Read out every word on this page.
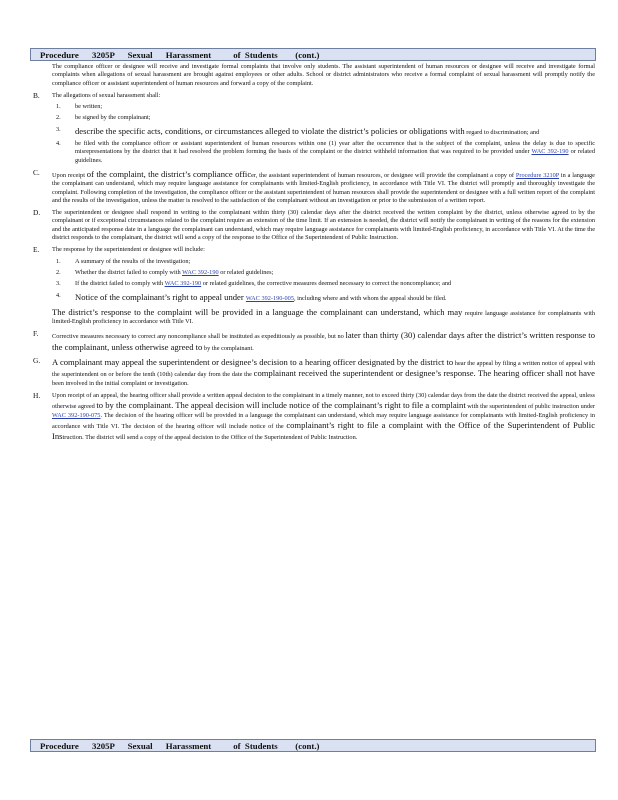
Procedure      3205P      Sexual      Harassment          of  Students        (cont.)
The compliance officer or designee will receive and investigate formal complaints that involve only students. The assistant superintendent of human resources or designee will receive and investigate formal complaints when allegations of sexual harassment are brought against employees or other adults. School or district administrators who receive a formal complaint of sexual harassment will promptly notify the compliance officer or assistant superintendent of human resources and forward a copy of the complaint.
B. The allegations of sexual harassment shall:
1. be written;
2. be signed by the complainant;
3. describe the specific acts, conditions, or circumstances alleged to violate the district’s policies or obligations with regard to discrimination; and
4. be filed with the compliance officer or assistant superintendent of human resources within one (1) year after the occurrence that is the subject of the complaint, unless the delay is due to specific misrepresentations by the district that it had resolved the problem forming the basis of the complaint or the district withheld information that was required to be provided under WAC 392-190 or related guidelines.
C. Upon receipt of the complaint, the district’s compliance officer, the assistant superintendent of human resources, or designee will provide the complainant a copy of Procedure 3210P in a language the complainant can understand, which may require language assistance for complainants with limited-English proficiency, in accordance with Title VI. The district will promptly and thoroughly investigate the complaint. Following completion of the investigation, the compliance officer or the assistant superintendent of human resources shall provide the superintendent or designee with a full written report of the complaint and the results of the investigation, unless the matter is resolved to the satisfaction of the complainant without an investigation or prior to the submission of a written report.
D. The superintendent or designee shall respond in writing to the complainant within thirty (30) calendar days after the district received the written complaint by the district, unless otherwise agreed to by the complainant or if exceptional circumstances related to the complaint require an extension of the time limit. If an extension is needed, the district will notify the complainant in writing of the reasons for the extension and the anticipated response date in a language the complainant can understand, which may require language assistance for complainants with limited-English proficiency, in accordance with Title VI. At the time the district responds to the complainant, the district will send a copy of the response to the Office of the Superintendent of Public Instruction.
E. The response by the superintendent or designee will include:
1. A summary of the results of the investigation;
2. Whether the district failed to comply with WAC 392-190 or related guidelines;
3. If the district failed to comply with WAC 392-190 or related guidelines, the corrective measures deemed necessary to correct the noncompliance; and
4. Notice of the complainant’s right to appeal under WAC 392-190-005, including where and with whom the appeal should be filed.
The district’s response to the complaint will be provided in a language the complainant can understand, which may require language assistance for complainants with limited-English proficiency in accordance with Title VI.
F. Corrective measures necessary to correct any noncompliance shall be instituted as expeditiously as possible, but no later than thirty (30) calendar days after the district’s written response to the complainant, unless otherwise agreed to by the complainant.
G. A complainant may appeal the superintendent or designee’s decision to a hearing officer designated by the district to hear the appeal by filing a written notice of appeal with the superintendent on or before the tenth (10th) calendar day from the date the complainant received the superintendent or designee’s response. The hearing officer shall not have been involved in the initial complaint or investigation.
H. Upon receipt of an appeal, the hearing officer shall provide a written appeal decision to the complainant in a timely manner, not to exceed thirty (30) calendar days from the date the district received the appeal, unless otherwise agreed to by the complainant. The appeal decision will include notice of the complainant’s right to file a complaint with the superintendent of public instruction under WAC 392-190-075. The decision of the hearing officer will be provided in a language the complainant can understand, which may require language assistance for complainants with limited-English proficiency in accordance with Title VI. The decision of the hearing officer will include notice of the complainant’s right to file a complaint with the Office of the Superintendent of Public Instruction. The district will send a copy of the appeal decision to the Office of the Superintendent of Public Instruction.
Procedure      3205P      Sexual      Harassment          of  Students        (cont.)
